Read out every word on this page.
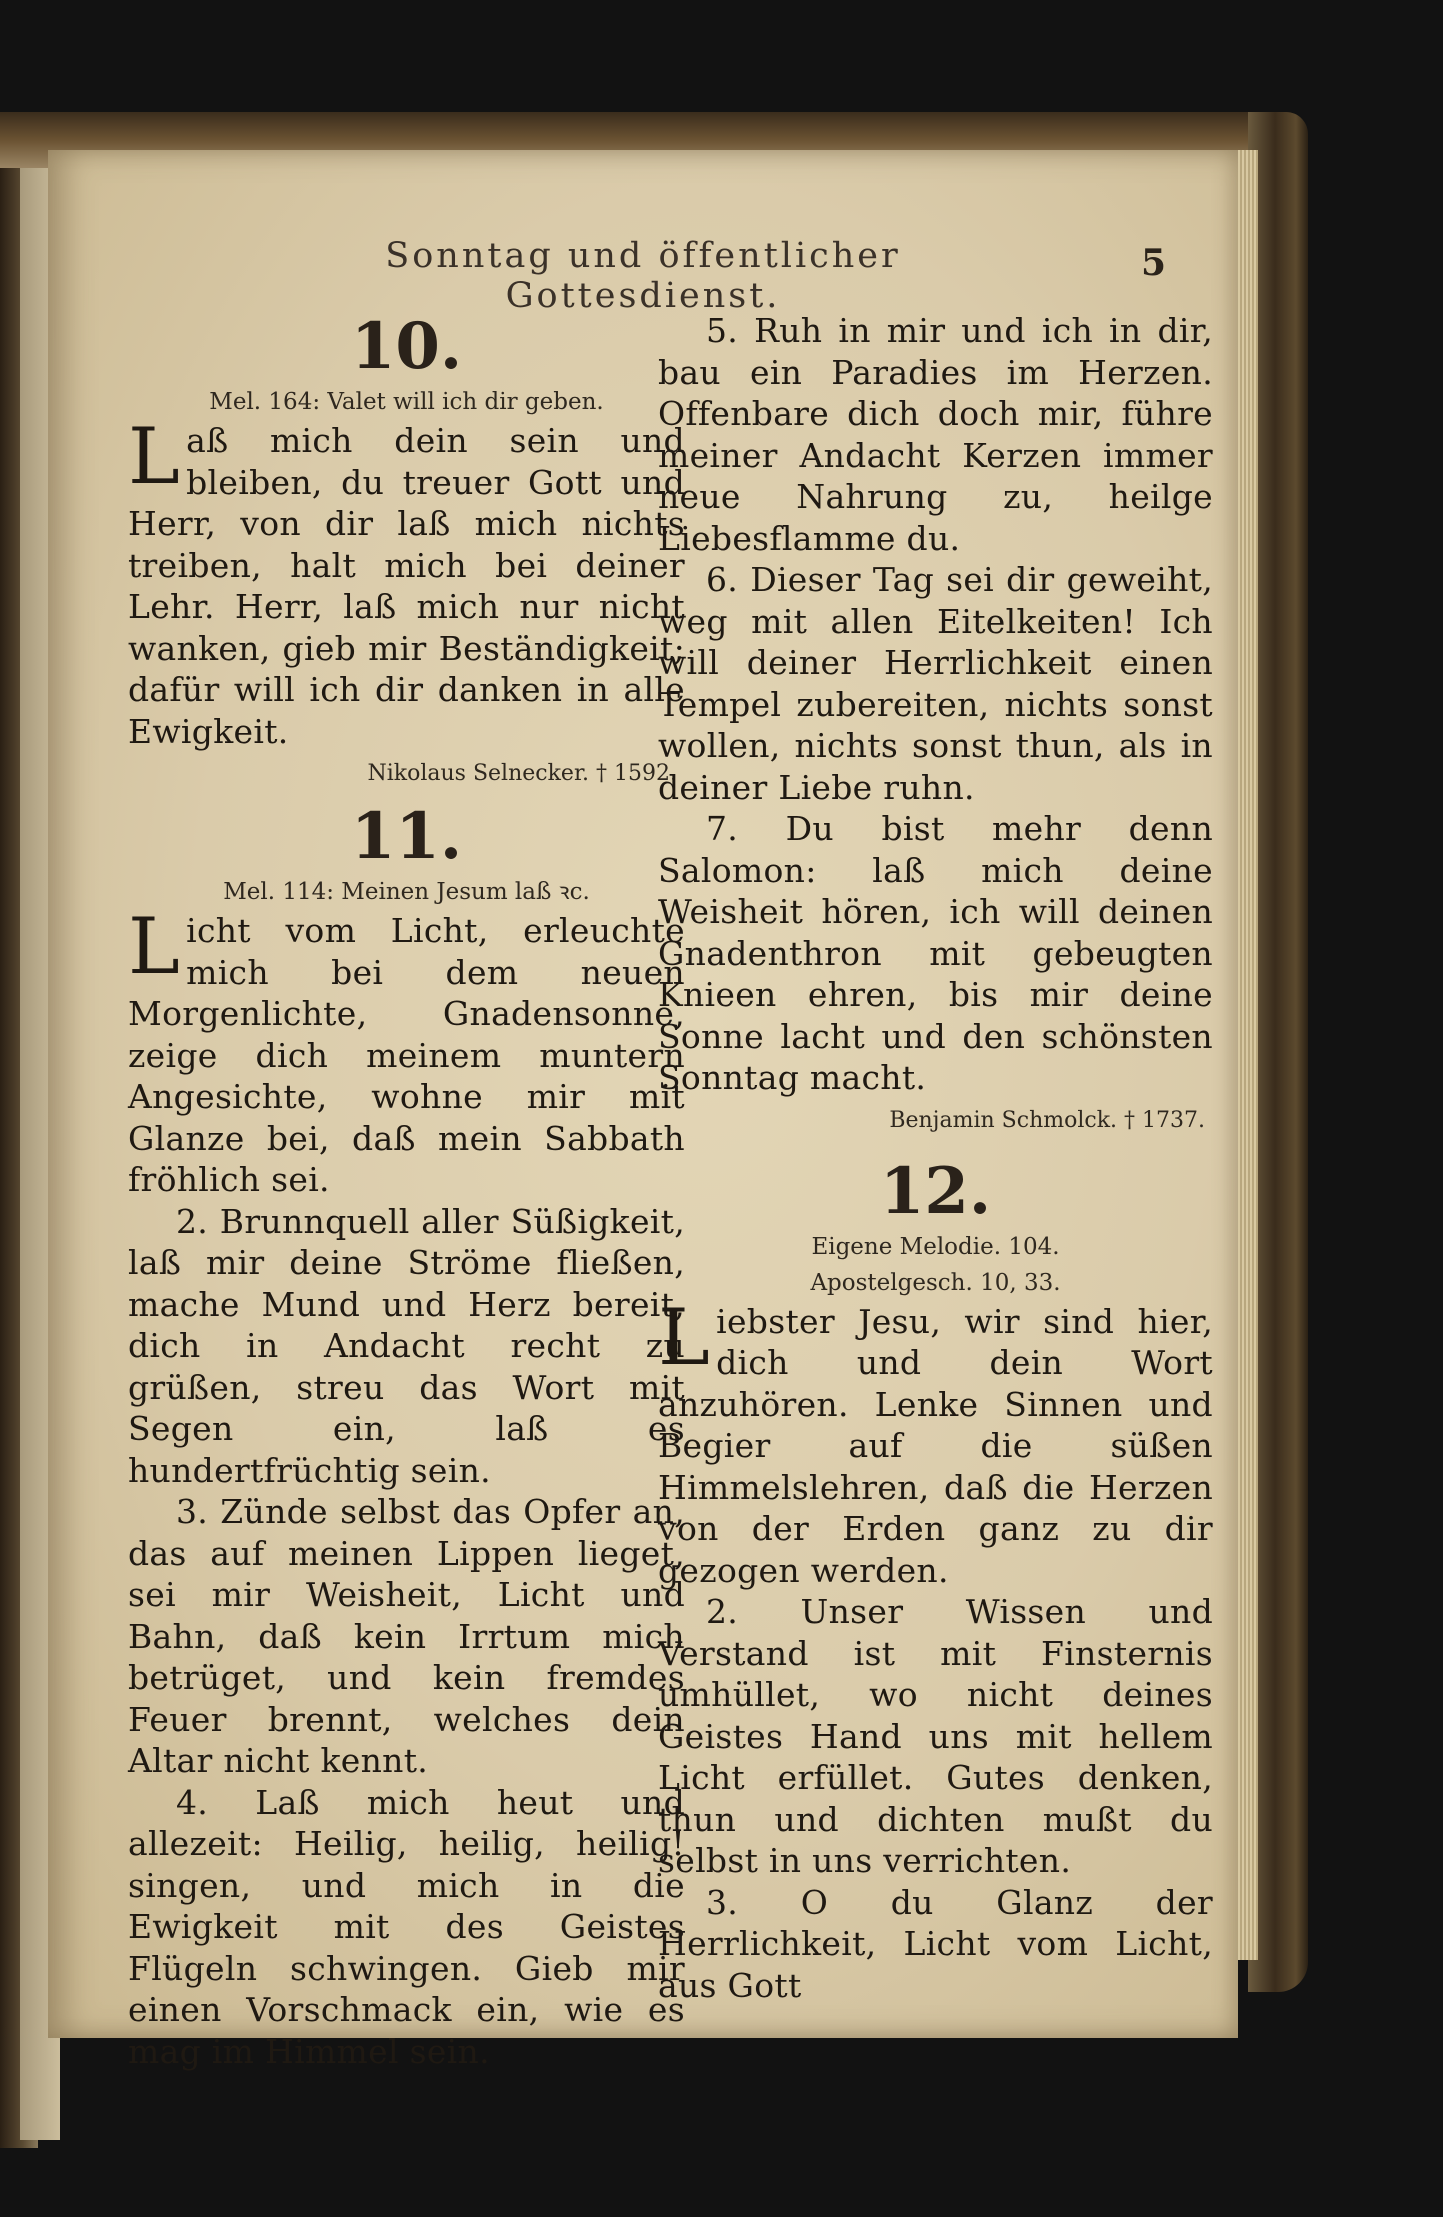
Sonntag und öffentlicher Gottesdienst.
5
10.

Mel. 164: Valet will ich dir geben.

Laß mich dein sein und bleiben, du treuer Gott und Herr, von dir laß mich nichts treiben, halt mich bei deiner Lehr. Herr, laß mich nur nicht wanken, gieb mir Beständigkeit; dafür will ich dir danken in alle Ewigkeit.

Nikolaus Selnecker. † 1592.

11.

Mel. 114: Meinen Jesum laß ꝛc.

Licht vom Licht, erleuchte mich bei dem neuen Morgenlichte, Gnadensonne, zeige dich meinem muntern Angesichte, wohne mir mit Glanze bei, daß mein Sabbath fröhlich sei.

2. Brunnquell aller Süßigkeit, laß mir deine Ströme fließen, mache Mund und Herz bereit, dich in Andacht recht zu grüßen, streu das Wort mit Segen ein, laß es hundertfrüchtig sein.

3. Zünde selbst das Opfer an, das auf meinen Lippen lieget, sei mir Weisheit, Licht und Bahn, daß kein Irrtum mich betrüget, und kein fremdes Feuer brennt, welches dein Altar nicht kennt.

4. Laß mich heut und allezeit: Heilig, heilig, heilig! singen, und mich in die Ewigkeit mit des Geistes Flügeln schwingen. Gieb mir einen Vorschmack ein, wie es mag im Himmel sein.

5. Ruh in mir und ich in dir, bau ein Paradies im Herzen. Offenbare dich doch mir, führe meiner Andacht Kerzen immer neue Nahrung zu, heilge Liebesflamme du.

6. Dieser Tag sei dir geweiht, weg mit allen Eitelkeiten! Ich will deiner Herrlichkeit einen Tempel zubereiten, nichts sonst wollen, nichts sonst thun, als in deiner Liebe ruhn.

7. Du bist mehr denn Salomon: laß mich deine Weisheit hören, ich will deinen Gnadenthron mit gebeugten Knieen ehren, bis mir deine Sonne lacht und den schönsten Sonntag macht.

Benjamin Schmolck. † 1737.

12.

Eigene Melodie. 104.

Apostelgesch. 10, 33.

Liebster Jesu, wir sind hier, dich und dein Wort anzuhören. Lenke Sinnen und Begier auf die süßen Himmelslehren, daß die Herzen von der Erden ganz zu dir gezogen werden.

2. Unser Wissen und Verstand ist mit Finsternis umhüllet, wo nicht deines Geistes Hand uns mit hellem Licht erfüllet. Gutes denken, thun und dichten mußt du selbst in uns verrichten.

3. O du Glanz der Herrlichkeit, Licht vom Licht, aus Gott
